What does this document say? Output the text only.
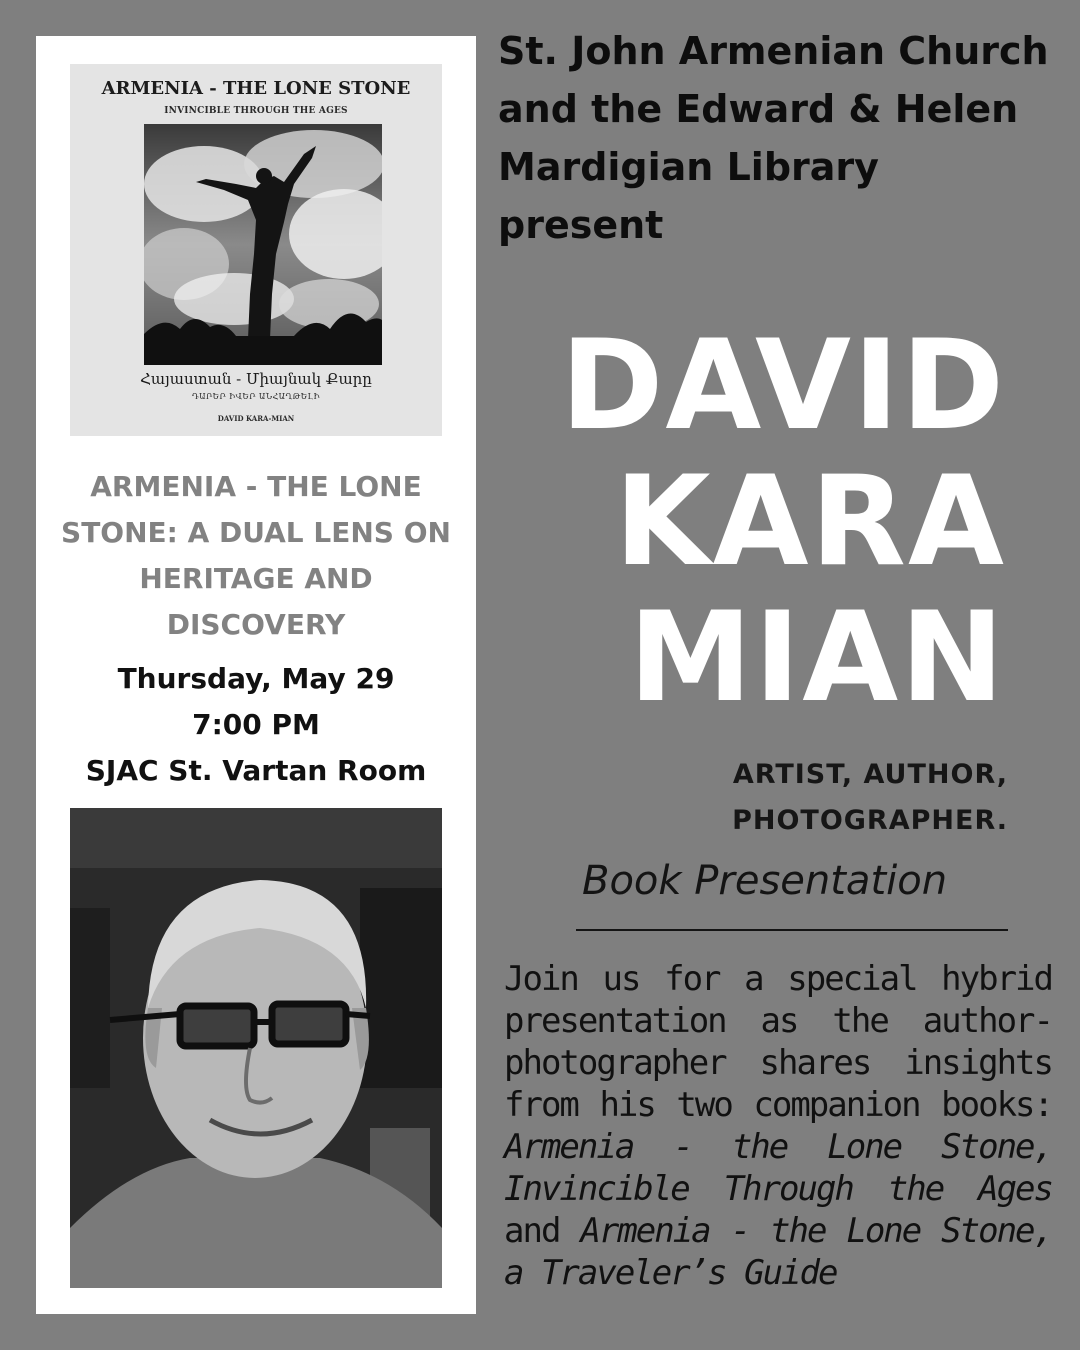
ARMENIA - THE LONE STONE
INVINCIBLE THROUGH THE AGES
Հայաստան - Միայնակ Քարը
ԴԱՐԵՐ ԻՎԵՐ ԱՆՀԱՂԹԵԼԻ
DAVID KARA-MIAN
ARMENIA - THE LONE STONE: A DUAL LENS ON HERITAGE AND DISCOVERY
Thursday, May 29
7:00 PM
SJAC St. Vartan Room
St. John Armenian Church
and the Edward & Helen
Mardigian Library
present
DAVID
KARA
MIAN
ARTIST, AUTHOR,
PHOTOGRAPHER.
Book Presentation
Join us for a special hybrid presentation as the author-photographer shares insights from his two companion books: Armenia - the Lone Stone, Invincible Through the Ages and Armenia - the Lone Stone, a Traveler’s Guide
